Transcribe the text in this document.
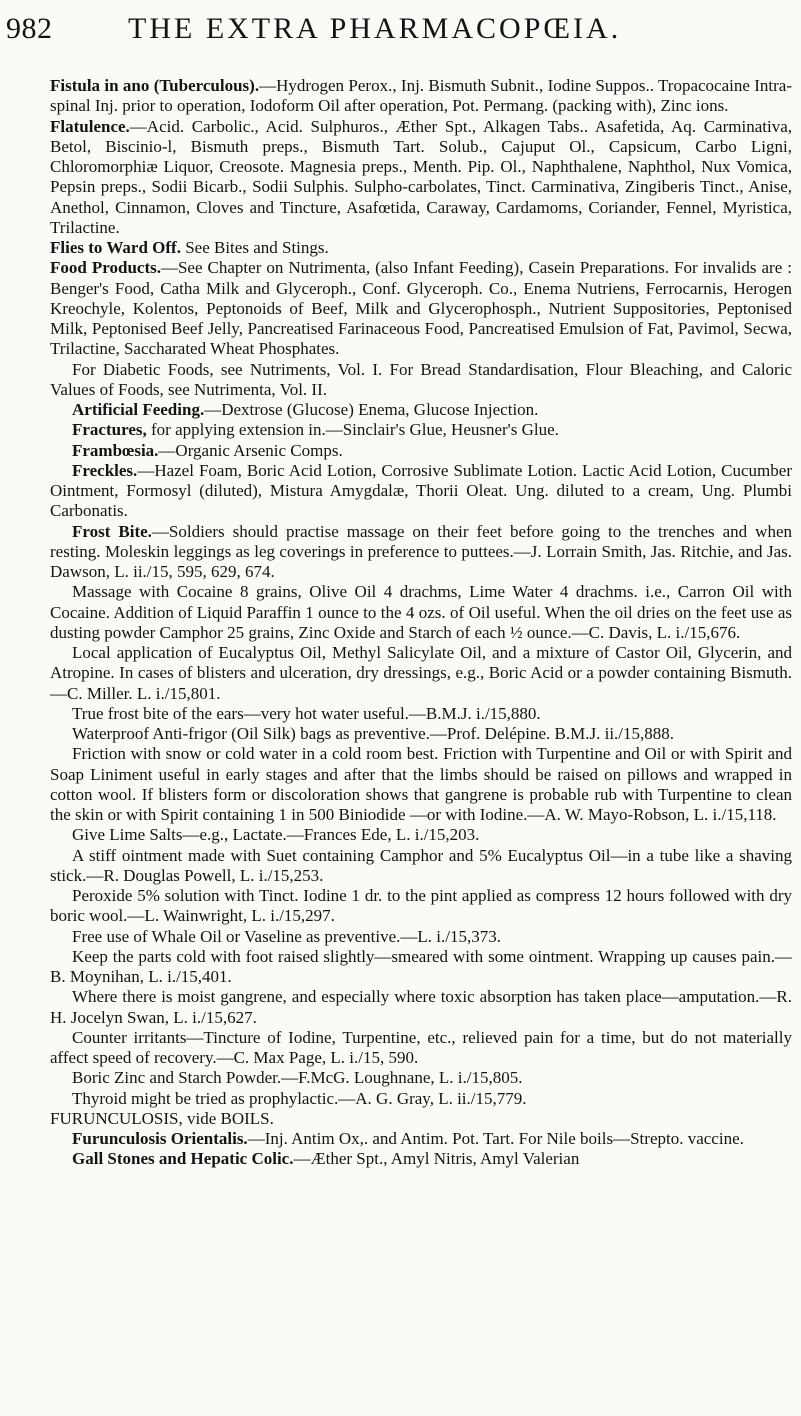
982	THE EXTRA PHARMACOPŒIA.

Fistula in ano (Tuberculous).—Hydrogen Perox., Inj. Bismuth Subnit., Iodine Suppos.. Tropacocaine Intra-spinal Inj. prior to operation, Iodoform Oil after operation, Pot. Permang. (packing with), Zinc ions.

Flatulence.—Acid. Carbolic., Acid. Sulphuros., Æther Spt., Alkagen Tabs.. Asafetida, Aq. Carminativa, Betol, Biscinio‑l, Bismuth preps., Bismuth Tart. Solub., Cajuput Ol., Capsicum, Carbo Ligni, Chloromorphiæ Liquor, Creosote. Magnesia preps., Menth. Pip. Ol., Naphthalene, Naphthol, Nux Vomica, Pepsin preps., Sodii Bicarb., Sodii Sulphis. Sulpho-carbolates, Tinct. Carminativa, Zingiberis Tinct., Anise, Anethol, Cinnamon, Cloves and Tincture, Asafœtida, Caraway, Cardamoms, Coriander, Fennel, Myristica, Trilactine.

Flies to Ward Off. See Bites and Stings.

Food Products.—See Chapter on Nutrimenta, (also Infant Feeding), Casein Preparations. For invalids are : Benger's Food, Catha Milk and Glyceroph., Conf. Glyceroph. Co., Enema Nutriens, Ferrocarnis, Herogen Kreochyle, Kolentos, Peptonoids of Beef, Milk and Glycerophosph., Nutrient Suppositories, Peptonised Milk, Peptonised Beef Jelly, Pancreatised Farinaceous Food, Pancreatised Emulsion of Fat, Pavimol, Secwa, Trilactine, Saccharated Wheat Phosphates.

For Diabetic Foods, see Nutriments, Vol. I. For Bread Standardisation, Flour Bleaching, and Caloric Values of Foods, see Nutrimenta, Vol. II.

Artificial Feeding.—Dextrose (Glucose) Enema, Glucose Injection.

Fractures, for applying extension in.—Sinclair's Glue, Heusner's Glue.

Frambœsia.—Organic Arsenic Comps.

Freckles.—Hazel Foam, Boric Acid Lotion, Corrosive Sublimate Lotion. Lactic Acid Lotion, Cucumber Ointment, Formosyl (diluted), Mistura Amygdalæ, Thorii Oleat. Ung. diluted to a cream, Ung. Plumbi Carbonatis.

Frost Bite.—Soldiers should practise massage on their feet before going to the trenches and when resting. Moleskin leggings as leg coverings in preference to puttees.—J. Lorrain Smith, Jas. Ritchie, and Jas. Dawson, L. ii./15, 595, 629, 674.

Massage with Cocaine 8 grains, Olive Oil 4 drachms, Lime Water 4 drachms. i.e., Carron Oil with Cocaine. Addition of Liquid Paraffin 1 ounce to the 4 ozs. of Oil useful. When the oil dries on the feet use as dusting powder Camphor 25 grains, Zinc Oxide and Starch of each ½ ounce.—C. Davis, L. i./15,676.

Local application of Eucalyptus Oil, Methyl Salicylate Oil, and a mixture of Castor Oil, Glycerin, and Atropine. In cases of blisters and ulceration, dry dressings, e.g., Boric Acid or a powder containing Bismuth.—C. Miller. L. i./15,801.

True frost bite of the ears—very hot water useful.—B.M.J. i./15,880.

Waterproof Anti-frigor (Oil Silk) bags as preventive.—Prof. Delépine. B.M.J. ii./15,888.

Friction with snow or cold water in a cold room best. Friction with Turpentine and Oil or with Spirit and Soap Liniment useful in early stages and after that the limbs should be raised on pillows and wrapped in cotton wool. If blisters form or discoloration shows that gangrene is probable rub with Turpentine to clean the skin or with Spirit containing 1 in 500 Biniodide —or with Iodine.—A. W. Mayo-Robson, L. i./15,118.

Give Lime Salts—e.g., Lactate.—Frances Ede, L. i./15,203.

A stiff ointment made with Suet containing Camphor and 5% Eucalyptus Oil—in a tube like a shaving stick.—R. Douglas Powell, L. i./15,253.

Peroxide 5% solution with Tinct. Iodine 1 dr. to the pint applied as compress 12 hours followed with dry boric wool.—L. Wainwright, L. i./15,297.

Free use of Whale Oil or Vaseline as preventive.—L. i./15,373.

Keep the parts cold with foot raised slightly—smeared with some ointment. Wrapping up causes pain.—B. Moynihan, L. i./15,401.

Where there is moist gangrene, and especially where toxic absorption has taken place—amputation.—R. H. Jocelyn Swan, L. i./15,627.

Counter irritants—Tincture of Iodine, Turpentine, etc., relieved pain for a time, but do not materially affect speed of recovery.—C. Max Page, L. i./15, 590.

Boric Zinc and Starch Powder.—F.McG. Loughnane, L. i./15,805.

Thyroid might be tried as prophylactic.—A. G. Gray, L. ii./15,779.

FURUNCULOSIS, vide BOILS.

Furunculosis Orientalis.—Inj. Antim Ox,. and Antim. Pot. Tart. For Nile boils—Strepto. vaccine.

Gall Stones and Hepatic Colic.—Æther Spt., Amyl Nitris, Amyl Valerian
